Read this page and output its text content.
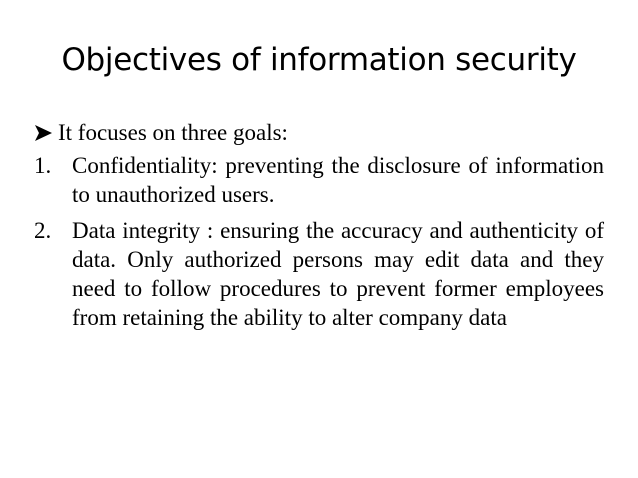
Objectives of information security
It focuses on three goals:
1. Confidentiality: preventing the disclosure of information to unauthorized users.
2. Data integrity : ensuring the accuracy and authenticity of data. Only authorized persons may edit data and they need to follow procedures to prevent former employees from retaining the ability to alter company data
